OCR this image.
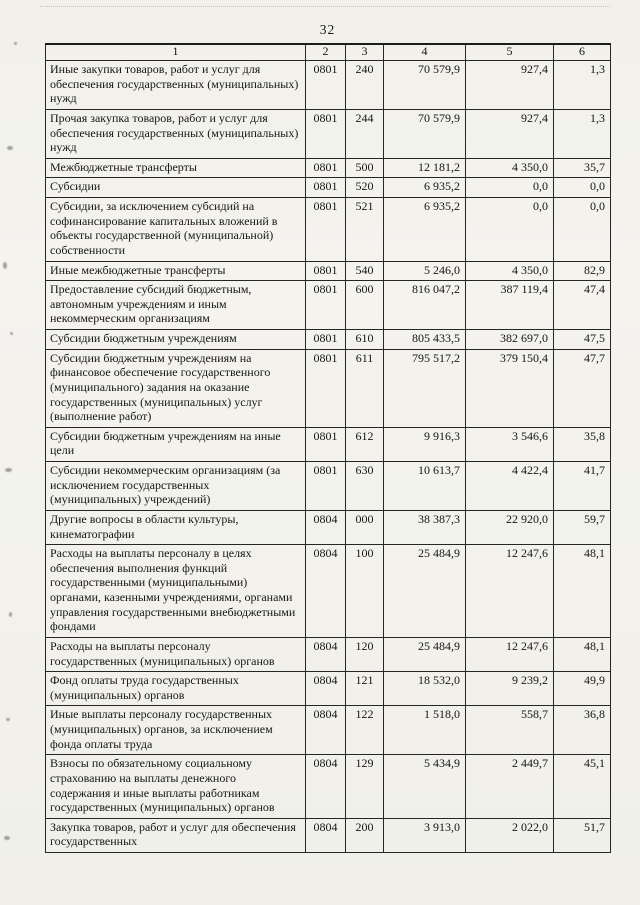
32
1	2	3	4	5	6
Иные закупки товаров, работ и услуг для обеспечения государственных (муниципальных) нужд	0801	240	70 579,9	927,4	1,3
Прочая закупка товаров, работ и услуг для обеспечения государственных (муниципальных) нужд	0801	244	70 579,9	927,4	1,3
Межбюджетные трансферты	0801	500	12 181,2	4 350,0	35,7
Субсидии	0801	520	6 935,2	0,0	0,0
Субсидии, за исключением субсидий на софинансирование капитальных вложений в объекты государственной (муниципальной) собственности	0801	521	6 935,2	0,0	0,0
Иные межбюджетные трансферты	0801	540	5 246,0	4 350,0	82,9
Предоставление субсидий бюджетным, автономным учреждениям и иным некоммерческим организациям	0801	600	816 047,2	387 119,4	47,4
Субсидии бюджетным учреждениям	0801	610	805 433,5	382 697,0	47,5
Субсидии бюджетным учреждениям на финансовое обеспечение государственного (муниципального) задания на оказание государственных (муниципальных) услуг (выполнение работ)	0801	611	795 517,2	379 150,4	47,7
Субсидии бюджетным учреждениям на иные цели	0801	612	9 916,3	3 546,6	35,8
Субсидии некоммерческим организациям (за исключением государственных (муниципальных) учреждений)	0801	630	10 613,7	4 422,4	41,7
Другие вопросы в области культуры, кинематографии	0804	000	38 387,3	22 920,0	59,7
Расходы на выплаты персоналу в целях обеспечения выполнения функций государственными (муниципальными) органами, казенными учреждениями, органами управления государственными внебюджетными фондами	0804	100	25 484,9	12 247,6	48,1
Расходы на выплаты персоналу государственных (муниципальных) органов	0804	120	25 484,9	12 247,6	48,1
Фонд оплаты труда государственных (муниципальных) органов	0804	121	18 532,0	9 239,2	49,9
Иные выплаты персоналу государственных (муниципальных) органов, за исключением фонда оплаты труда	0804	122	1 518,0	558,7	36,8
Взносы по обязательному социальному страхованию на выплаты денежного содержания и иные выплаты работникам государственных (муниципальных) органов	0804	129	5 434,9	2 449,7	45,1
Закупка товаров, работ и услуг для обеспечения государственных	0804	200	3 913,0	2 022,0	51,7
